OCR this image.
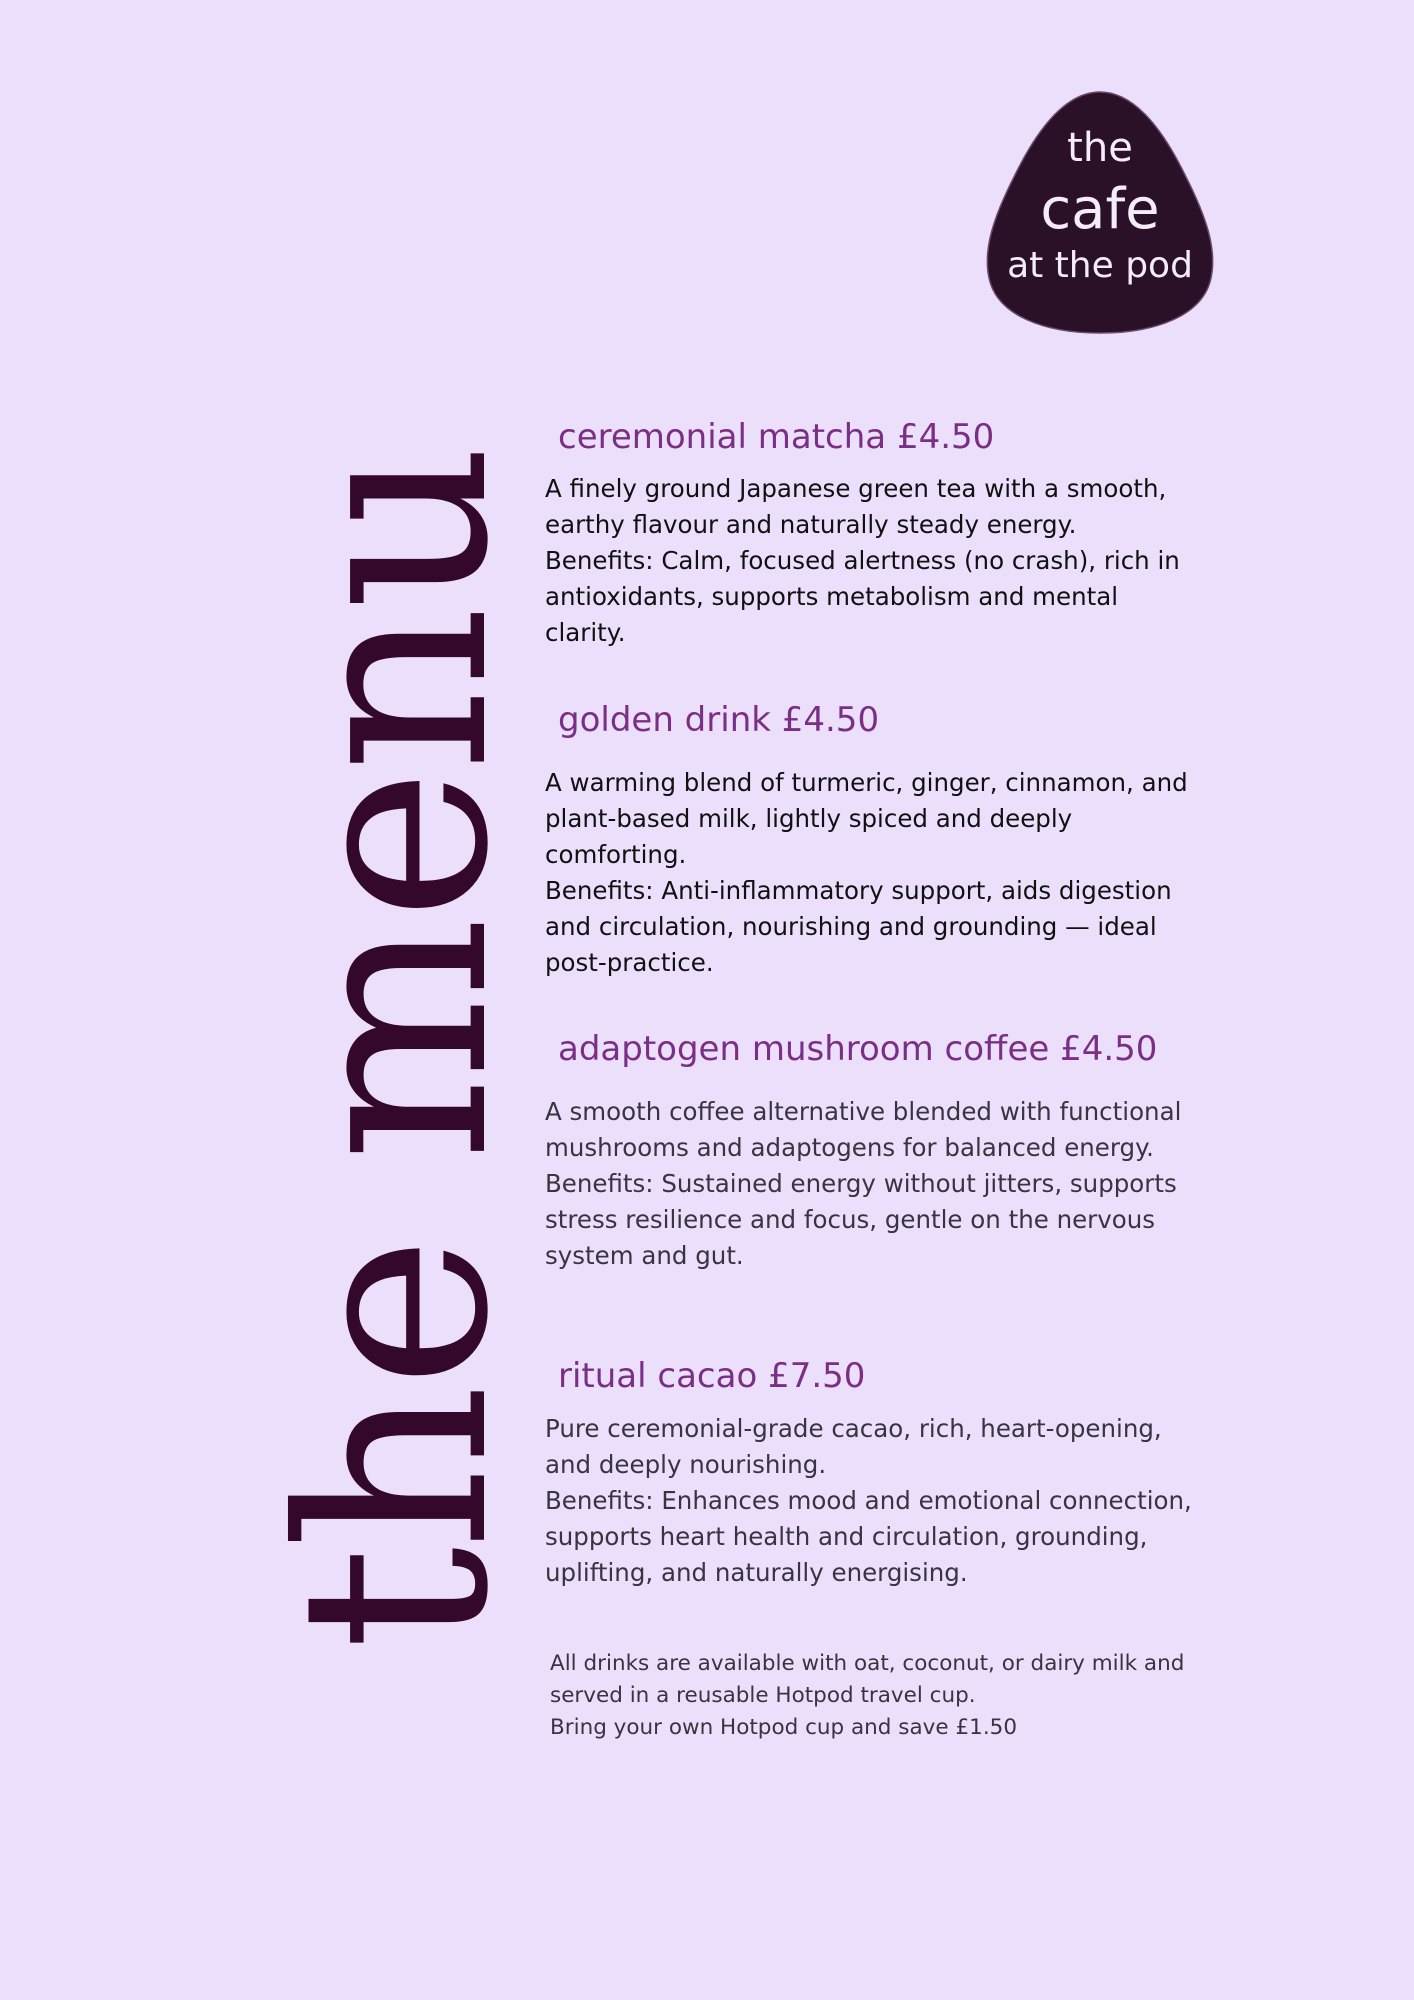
the
cafe
at the pod
the menu
ceremonial matcha £4.50

A finely ground Japanese green tea with a smooth, earthy flavour and naturally steady energy.

Benefits: Calm, focused alertness (no crash), rich in antioxidants, supports metabolism and mental clarity.

golden drink £4.50

A warming blend of turmeric, ginger, cinnamon, and plant-based milk, lightly spiced and deeply comforting.

Benefits: Anti-inflammatory support, aids digestion and circulation, nourishing and grounding — ideal post-practice.

adaptogen mushroom coffee £4.50

A smooth coffee alternative blended with functional mushrooms and adaptogens for balanced energy.

Benefits: Sustained energy without jitters, supports stress resilience and focus, gentle on the nervous system and gut.

ritual cacao £7.50

Pure ceremonial-grade cacao, rich, heart-opening, and deeply nourishing.

Benefits: Enhances mood and emotional connection, supports heart health and circulation, grounding, uplifting, and naturally energising.

All drinks are available with oat, coconut, or dairy milk and served in a reusable Hotpod travel cup.

Bring your own Hotpod cup and save £1.50
